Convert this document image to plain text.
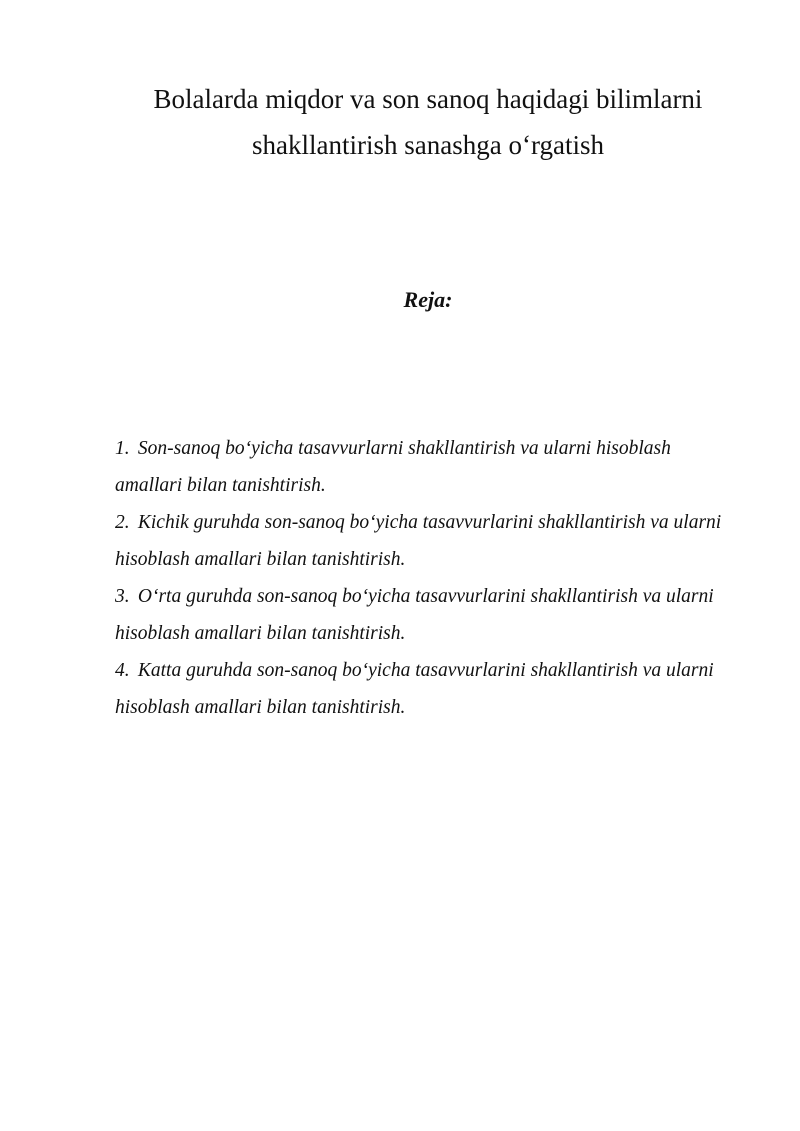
Bolalarda miqdor va son sanoq haqidagi bilimlarni
shakllantirish sanashga o‘rgatish
Reja:
1. Son-sanoq bo‘yicha tasavvurlarni shakllantirish va ularni hisoblash amallari bilan tanishtirish.
2. Kichik guruhda son-sanoq bo‘yicha tasavvurlarini shakllantirish va ularni hisoblash amallari bilan tanishtirish.
3. O‘rta guruhda son-sanoq bo‘yicha tasavvurlarini shakllantirish va ularni hisoblash amallari bilan tanishtirish.
4. Katta guruhda son-sanoq bo‘yicha tasavvurlarini shakllantirish va ularni hisoblash amallari bilan tanishtirish.
